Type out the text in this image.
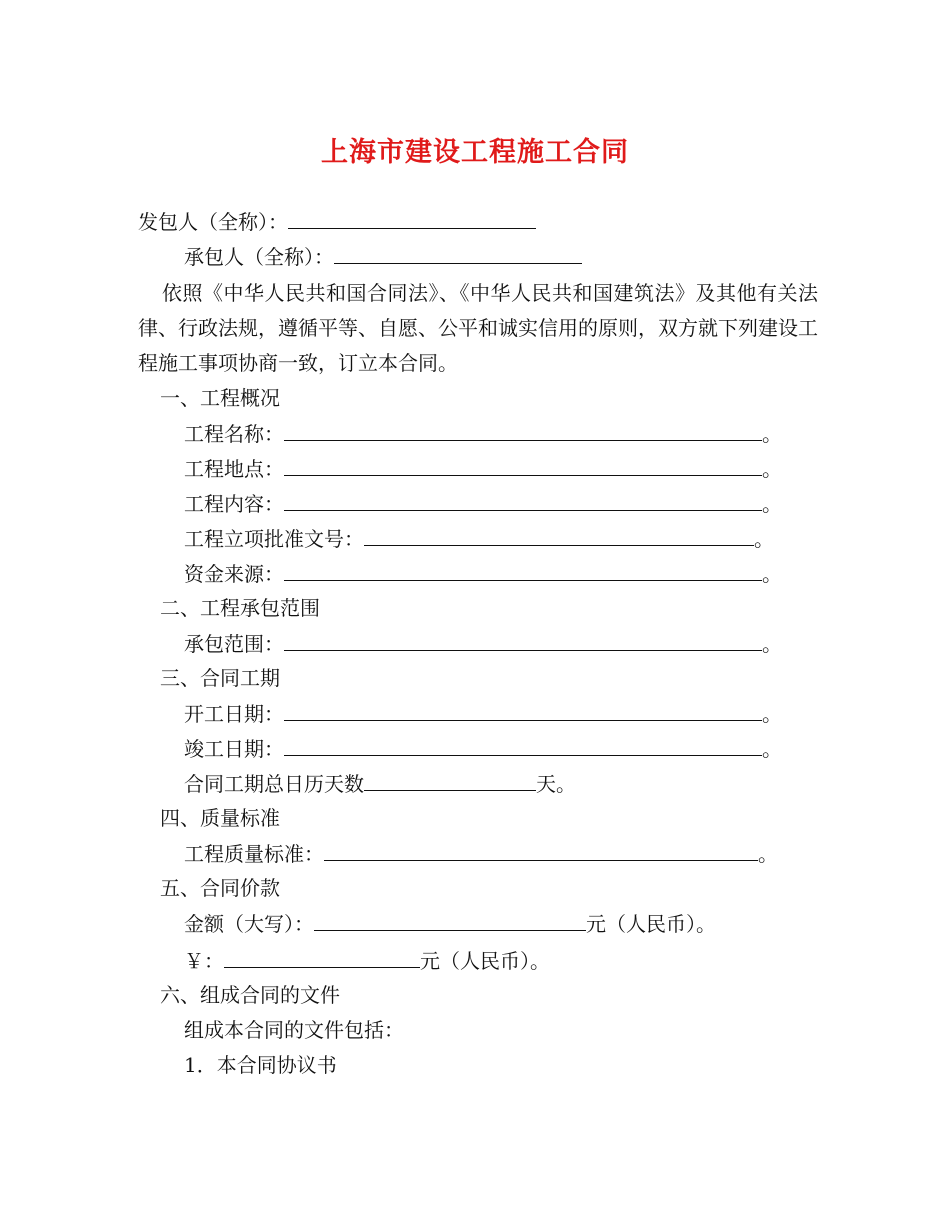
上海市建设工程施工合同
发包人（全称）：
承包人（全称）：
依照《中华人民共和国合同法》、《中华人民共和国建筑法》及其他有关法律、行政法规，遵循平等、自愿、公平和诚实信用的原则，双方就下列建设工程施工事项协商一致，订立本合同。
一、工程概况
工程名称：	。
工程地点：	。
工程内容：	。
工程立项批准文号：	。
资金来源：	。
二、工程承包范围
承包范围：	。
三、合同工期
开工日期：	。
竣工日期：	。
合同工期总日历天数	天。
四、质量标准
工程质量标准：	。
五、合同价款
金额（大写）：	元（人民币）。
￥：	元（人民币）。
六、组成合同的文件
组成本合同的文件包括：
1．本合同协议书
